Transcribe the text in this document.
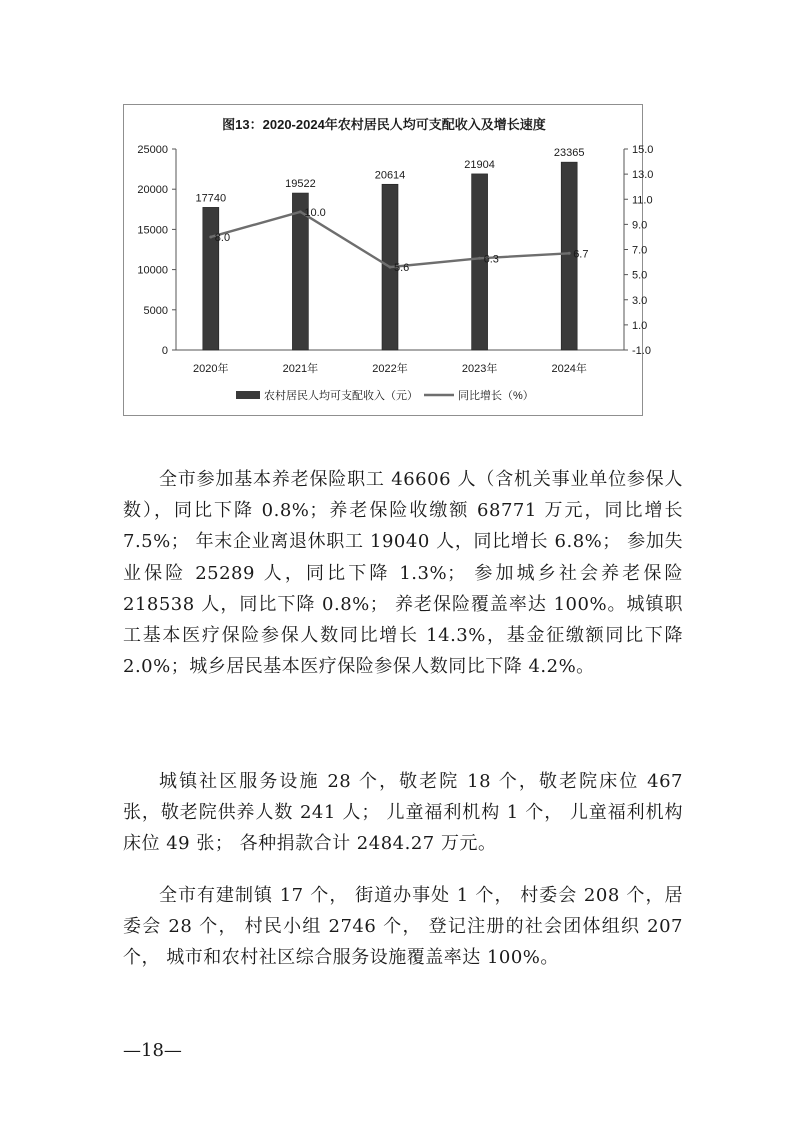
图13：2020-2024年农村居民人均可支配收入及增长速度
0
5000
10000
15000
20000
25000
-1.0
1.0
3.0
5.0
7.0
9.0
11.0
13.0
15.0
17740
19522
20614
21904
23365
2020年	2021年	2022年	2023年	2024年
8.0
10.0
5.6
6.3	6.7
农村居民人均可支配收入（元）	同比增长（%）

全市参加基本养老保险职工 46606 人（含机关事业单位参保人数），同比下降 0.8%；养老保险收缴额 68771 万元，同比增长 7.5%； 年末企业离退休职工 19040 人，同比增长 6.8%； 参加失业保险 25289 人，同比下降 1.3%； 参加城乡社会养老保险 218538 人，同比下降 0.8%； 养老保险覆盖率达 100%。城镇职工基本医疗保险参保人数同比增长 14.3%，基金征缴额同比下降 2.0%；城乡居民基本医疗保险参保人数同比下降 4.2%。

城镇社区服务设施 28 个，敬老院 18 个，敬老院床位 467 张，敬老院供养人数 241 人； 儿童福利机构 1 个， 儿童福利机构床位 49 张； 各种捐款合计 2484.27 万元。

全市有建制镇 17 个， 街道办事处 1 个， 村委会 208 个，居委会 28 个， 村民小组 2746 个， 登记注册的社会团体组织 207 个， 城市和农村社区综合服务设施覆盖率达 100%。

—18—
